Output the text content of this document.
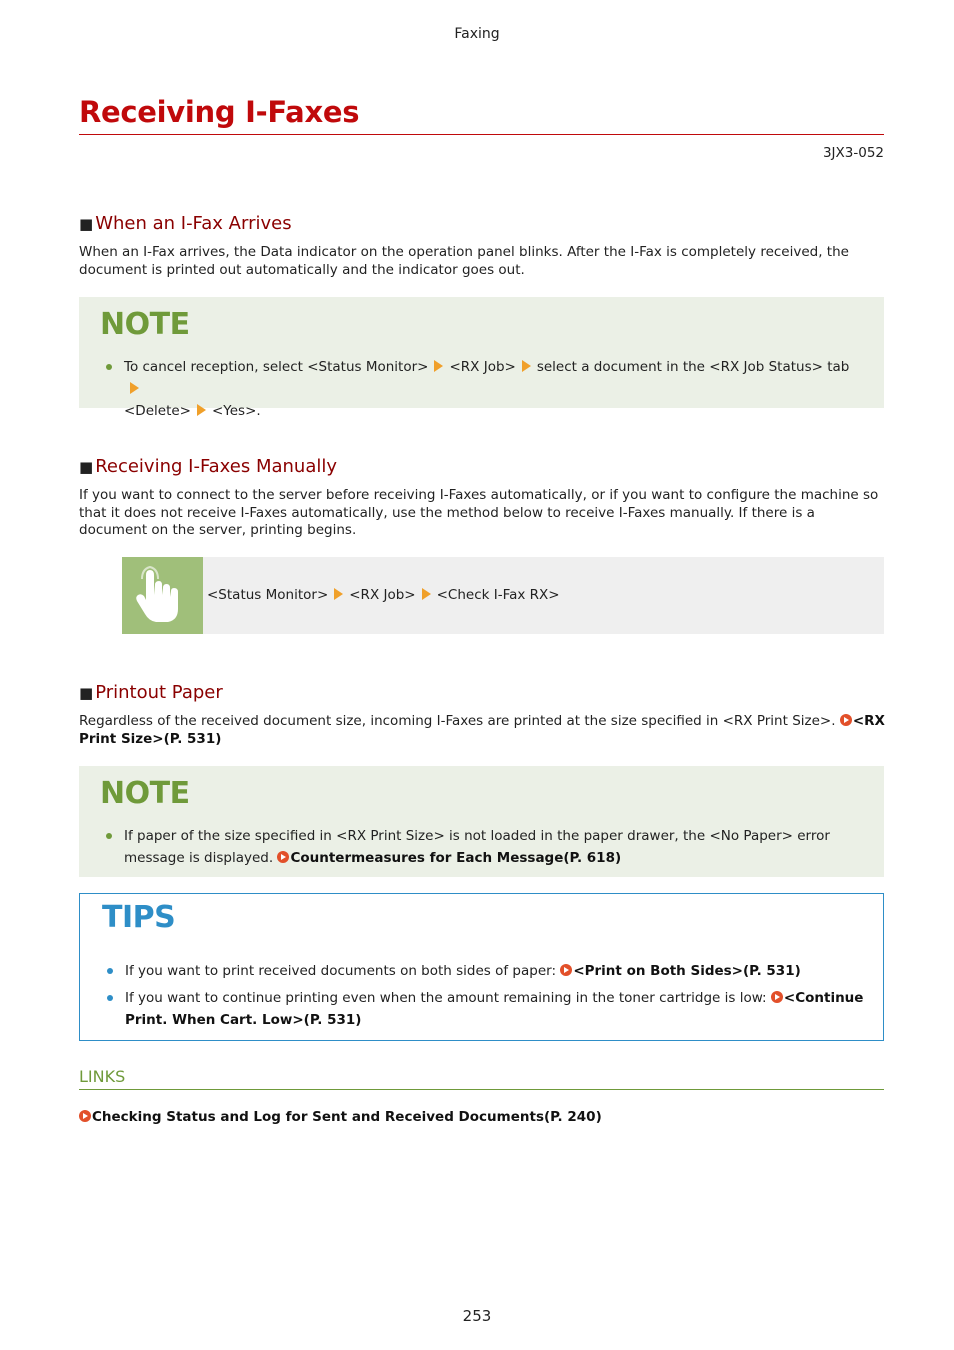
Faxing
Receiving I-Faxes
3JX3-052
■ When an I-Fax Arrives
When an I-Fax arrives, the Data indicator on the operation panel blinks. After the I-Fax is completely received, the document is printed out automatically and the indicator goes out.
NOTE
To cancel reception, select <Status Monitor> <RX Job> select a document in the <RX Job Status> tab
<Delete> <Yes>.
■ Receiving I-Faxes Manually
If you want to connect to the server before receiving I-Faxes automatically, or if you want to configure the machine so that it does not receive I-Faxes automatically, use the method below to receive I-Faxes manually. If there is a document on the server, printing begins.
<Status Monitor> <RX Job> <Check I-Fax RX>
■ Printout Paper
Regardless of the received document size, incoming I-Faxes are printed at the size specified in <RX Print Size>. <RX Print Size>(P. 531)
NOTE
If paper of the size specified in <RX Print Size> is not loaded in the paper drawer, the <No Paper> error message is displayed. Countermeasures for Each Message(P. 618)
TIPS
If you want to print received documents on both sides of paper: <Print on Both Sides>(P. 531)
If you want to continue printing even when the amount remaining in the toner cartridge is low: <Continue Print. When Cart. Low>(P. 531)
LINKS
Checking Status and Log for Sent and Received Documents(P. 240)
253
